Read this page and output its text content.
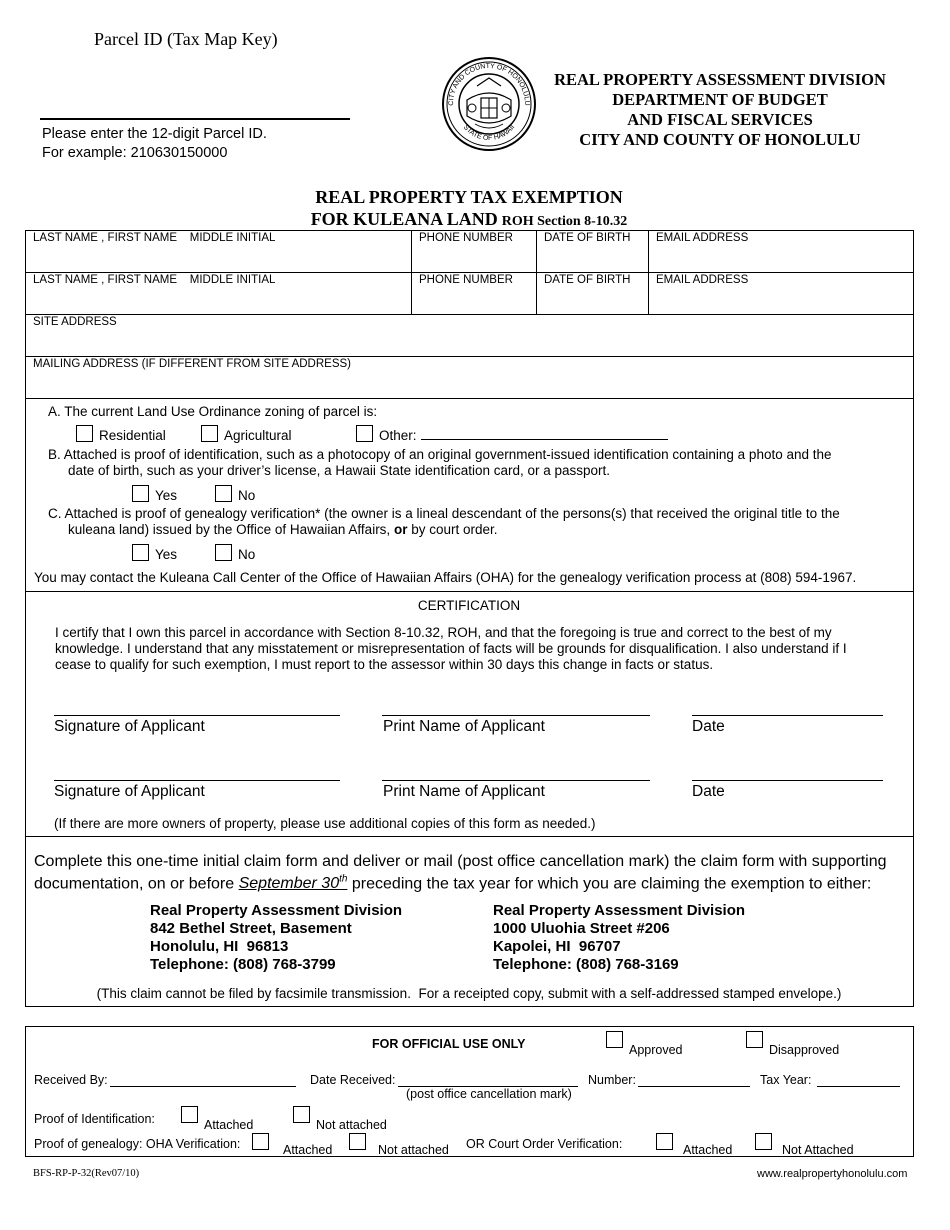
Parcel ID (Tax Map Key)
Please enter the 12-digit Parcel ID.
For example: 210630150000
CITY AND COUNTY OF HONOLULU
STATE OF HAWAII
REAL PROPERTY ASSESSMENT DIVISION
DEPARTMENT OF BUDGET
AND FISCAL SERVICES
CITY AND COUNTY OF HONOLULU
REAL PROPERTY TAX EXEMPTION
FOR KULEANA LAND ROH Section 8-10.32
LAST NAME , FIRST NAME    MIDDLE INITIAL	PHONE NUMBER	DATE OF BIRTH EMAIL ADDRESS
LAST NAME , FIRST NAME    MIDDLE INITIAL	PHONE NUMBER	DATE OF BIRTH EMAIL ADDRESS
SITE ADDRESS
MAILING ADDRESS (IF DIFFERENT FROM SITE ADDRESS)
A. The current Land Use Ordinance zoning of parcel is:
Residential	Agricultural	Other:
B. Attached is proof of identification, such as a photocopy of an original government-issued identification containing a photo and the
date of birth, such as your driver’s license, a Hawaii State identification card, or a passport.
Yes	No
C. Attached is proof of genealogy verification* (the owner is a lineal descendant of the persons(s) that received the original title to the
kuleana land) issued by the Office of Hawaiian Affairs, or by court order.
Yes	No
You may contact the Kuleana Call Center of the Office of Hawaiian Affairs (OHA) for the genealogy verification process at (808) 594-1967.
CERTIFICATION
I certify that I own this parcel in accordance with Section 8-10.32, ROH, and that the foregoing is true and correct to the best of my
knowledge. I understand that any misstatement or misrepresentation of facts will be grounds for disqualification. I also understand if I
cease to qualify for such exemption, I must report to the assessor within 30 days this change in facts or status.
Signature of Applicant	Print Name of Applicant	Date
Signature of Applicant	Print Name of Applicant	Date
(If there are more owners of property, please use additional copies of this form as needed.)
Complete this one-time initial claim form and deliver or mail (post office cancellation mark) the claim form with supporting
documentation, on or before September 30th preceding the tax year for which you are claiming the exemption to either:
Real Property Assessment Division
842 Bethel Street, Basement
Honolulu, HI  96813
Telephone: (808) 768-3799
Real Property Assessment Division
1000 Uluohia Street #206
Kapolei, HI  96707
Telephone: (808) 768-3169
(This claim cannot be filed by facsimile transmission.  For a receipted copy, submit with a self-addressed stamped envelope.)
FOR OFFICIAL USE ONLY	Approved	Disapproved
Received By:	Date Received:	Number:	Tax Year:
(post office cancellation mark)
Proof of Identification:	Attached	Not attached
Proof of genealogy: OHA Verification:	Attached	Not attached OR Court Order Verification:	Attached	Not Attached
BFS-RP-P-32(Rev07/10)	www.realpropertyhonolulu.com
